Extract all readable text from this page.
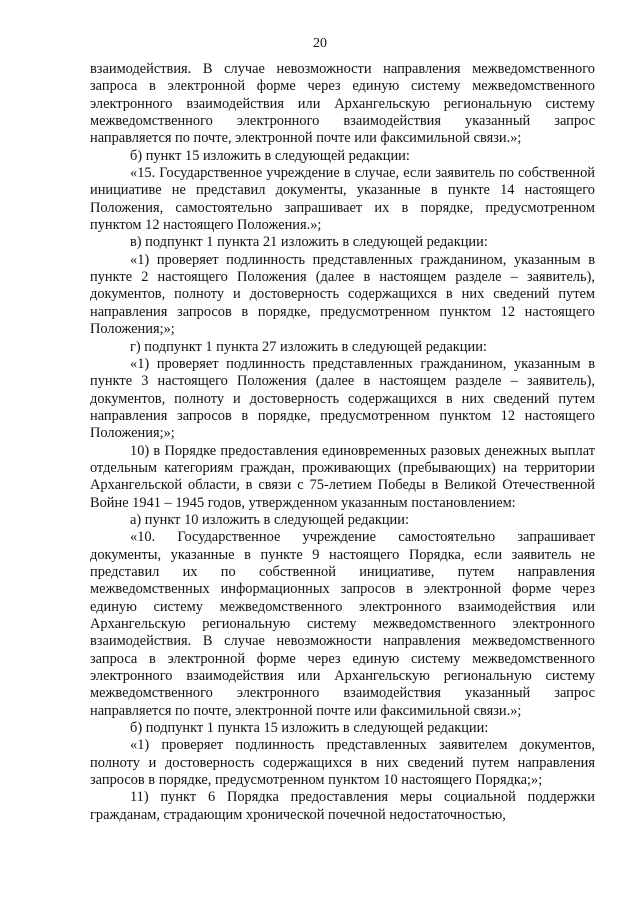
20

взаимодействия. В случае невозможности направления межведомственного запроса в электронной форме через единую систему межведомственного электронного взаимодействия или Архангельскую региональную систему межведомственного электронного взаимодействия указанный запрос направляется по почте, электронной почте или факсимильной связи.»;

б) пункт 15 изложить в следующей редакции:

«15. Государственное учреждение в случае, если заявитель по собственной инициативе не представил документы, указанные в пункте 14 настоящего Положения, самостоятельно запрашивает их в порядке, предусмотренном пунктом 12 настоящего Положения.»;

в) подпункт 1 пункта 21 изложить в следующей редакции:

«1) проверяет подлинность представленных гражданином, указанным в пункте 2 настоящего Положения (далее в настоящем разделе – заявитель), документов, полноту и достоверность содержащихся в них сведений путем направления запросов в порядке, предусмотренном пунктом 12 настоящего Положения;»;

г) подпункт 1 пункта 27 изложить в следующей редакции:

«1) проверяет подлинность представленных гражданином, указанным в пункте 3 настоящего Положения (далее в настоящем разделе – заявитель), документов, полноту и достоверность содержащихся в них сведений путем направления запросов в порядке, предусмотренном пунктом 12 настоящего Положения;»;

10) в Порядке предоставления единовременных разовых денежных выплат отдельным категориям граждан, проживающих (пребывающих) на территории Архангельской области, в связи с 75-летием Победы в Великой Отечественной Войне 1941 – 1945 годов, утвержденном указанным постановлением:

а) пункт 10 изложить в следующей редакции:

«10. Государственное учреждение самостоятельно запрашивает документы, указанные в пункте 9 настоящего Порядка, если заявитель не представил их по собственной инициативе, путем направления межведомственных информационных запросов в электронной форме через единую систему межведомственного электронного взаимодействия или Архангельскую региональную систему межведомственного электронного взаимодействия. В случае невозможности направления межведомственного запроса в электронной форме через единую систему межведомственного электронного взаимодействия или Архангельскую региональную систему межведомственного электронного взаимодействия указанный запрос направляется по почте, электронной почте или факсимильной связи.»;

б) подпункт 1 пункта 15 изложить в следующей редакции:

«1) проверяет подлинность представленных заявителем документов, полноту и достоверность содержащихся в них сведений путем направления запросов в порядке, предусмотренном пунктом 10 настоящего Порядка;»;

11) пункт 6 Порядка предоставления меры социальной поддержки гражданам, страдающим хронической почечной недостаточностью,
